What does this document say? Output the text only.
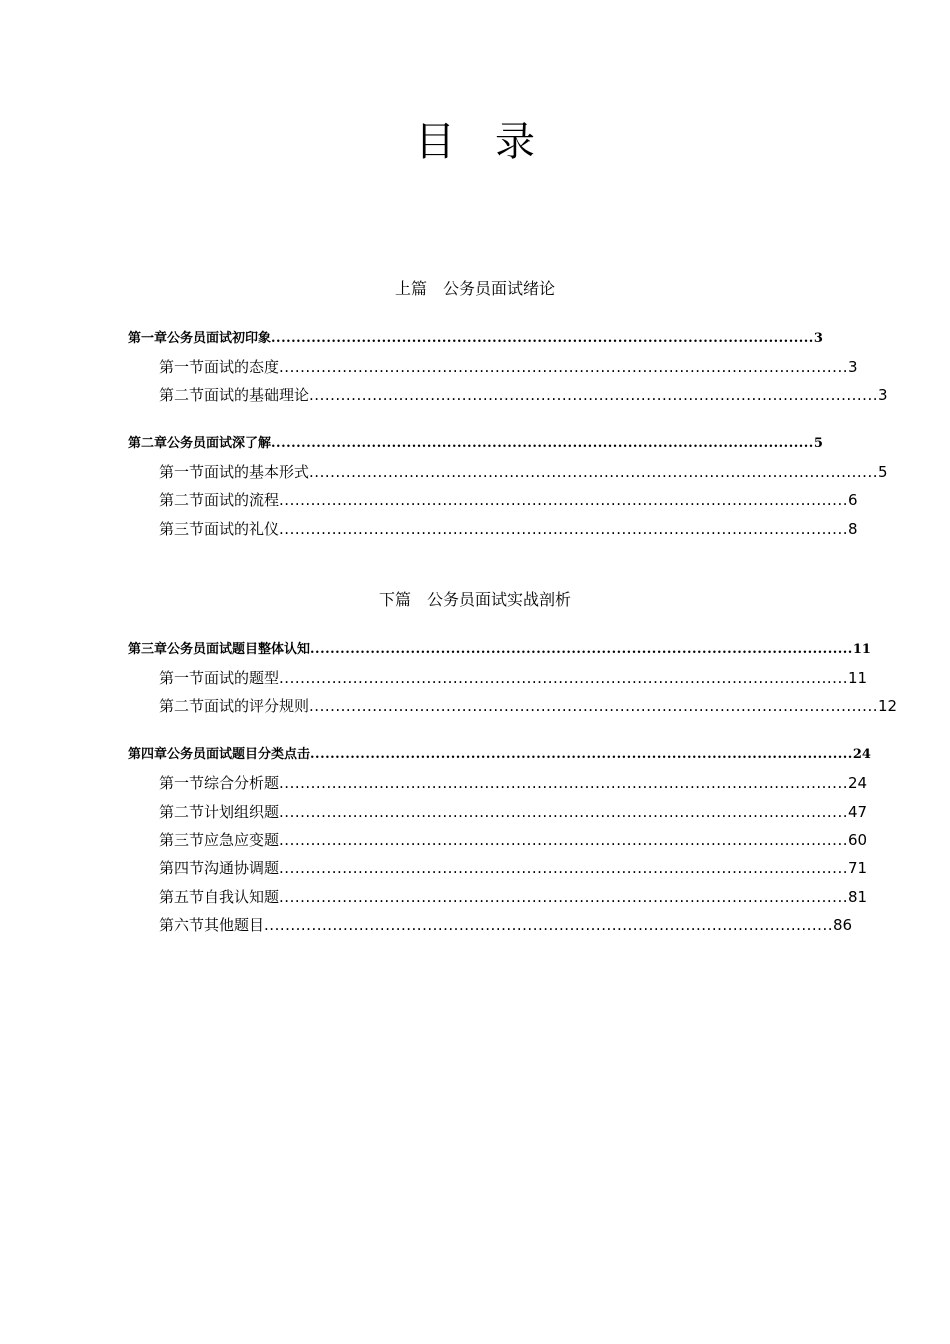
目 录
上篇 公务员面试绪论
第一章 公务员面试初印象 ............................................................................................................ 3
第一节 面试的态度 ............................................................................................................ 3
第二节 面试的基础理论 ............................................................................................................ 3
第二章 公务员面试深了解 ............................................................................................................ 5
第一节 面试的基本形式 ............................................................................................................ 5
第二节 面试的流程 ............................................................................................................ 6
第三节 面试的礼仪 ............................................................................................................ 8
下篇 公务员面试实战剖析
第三章 公务员面试题目整体认知 ............................................................................................................ 11
第一节 面试的题型 ............................................................................................................ 11
第二节 面试的评分规则 ............................................................................................................ 12
第四章 公务员面试题目分类点击 ............................................................................................................ 24
第一节 综合分析题 ............................................................................................................ 24
第二节 计划组织题 ............................................................................................................ 47
第三节 应急应变题 ............................................................................................................ 60
第四节 沟通协调题 ............................................................................................................ 71
第五节 自我认知题 ............................................................................................................ 81
第六节 其他题目 ............................................................................................................ 86
